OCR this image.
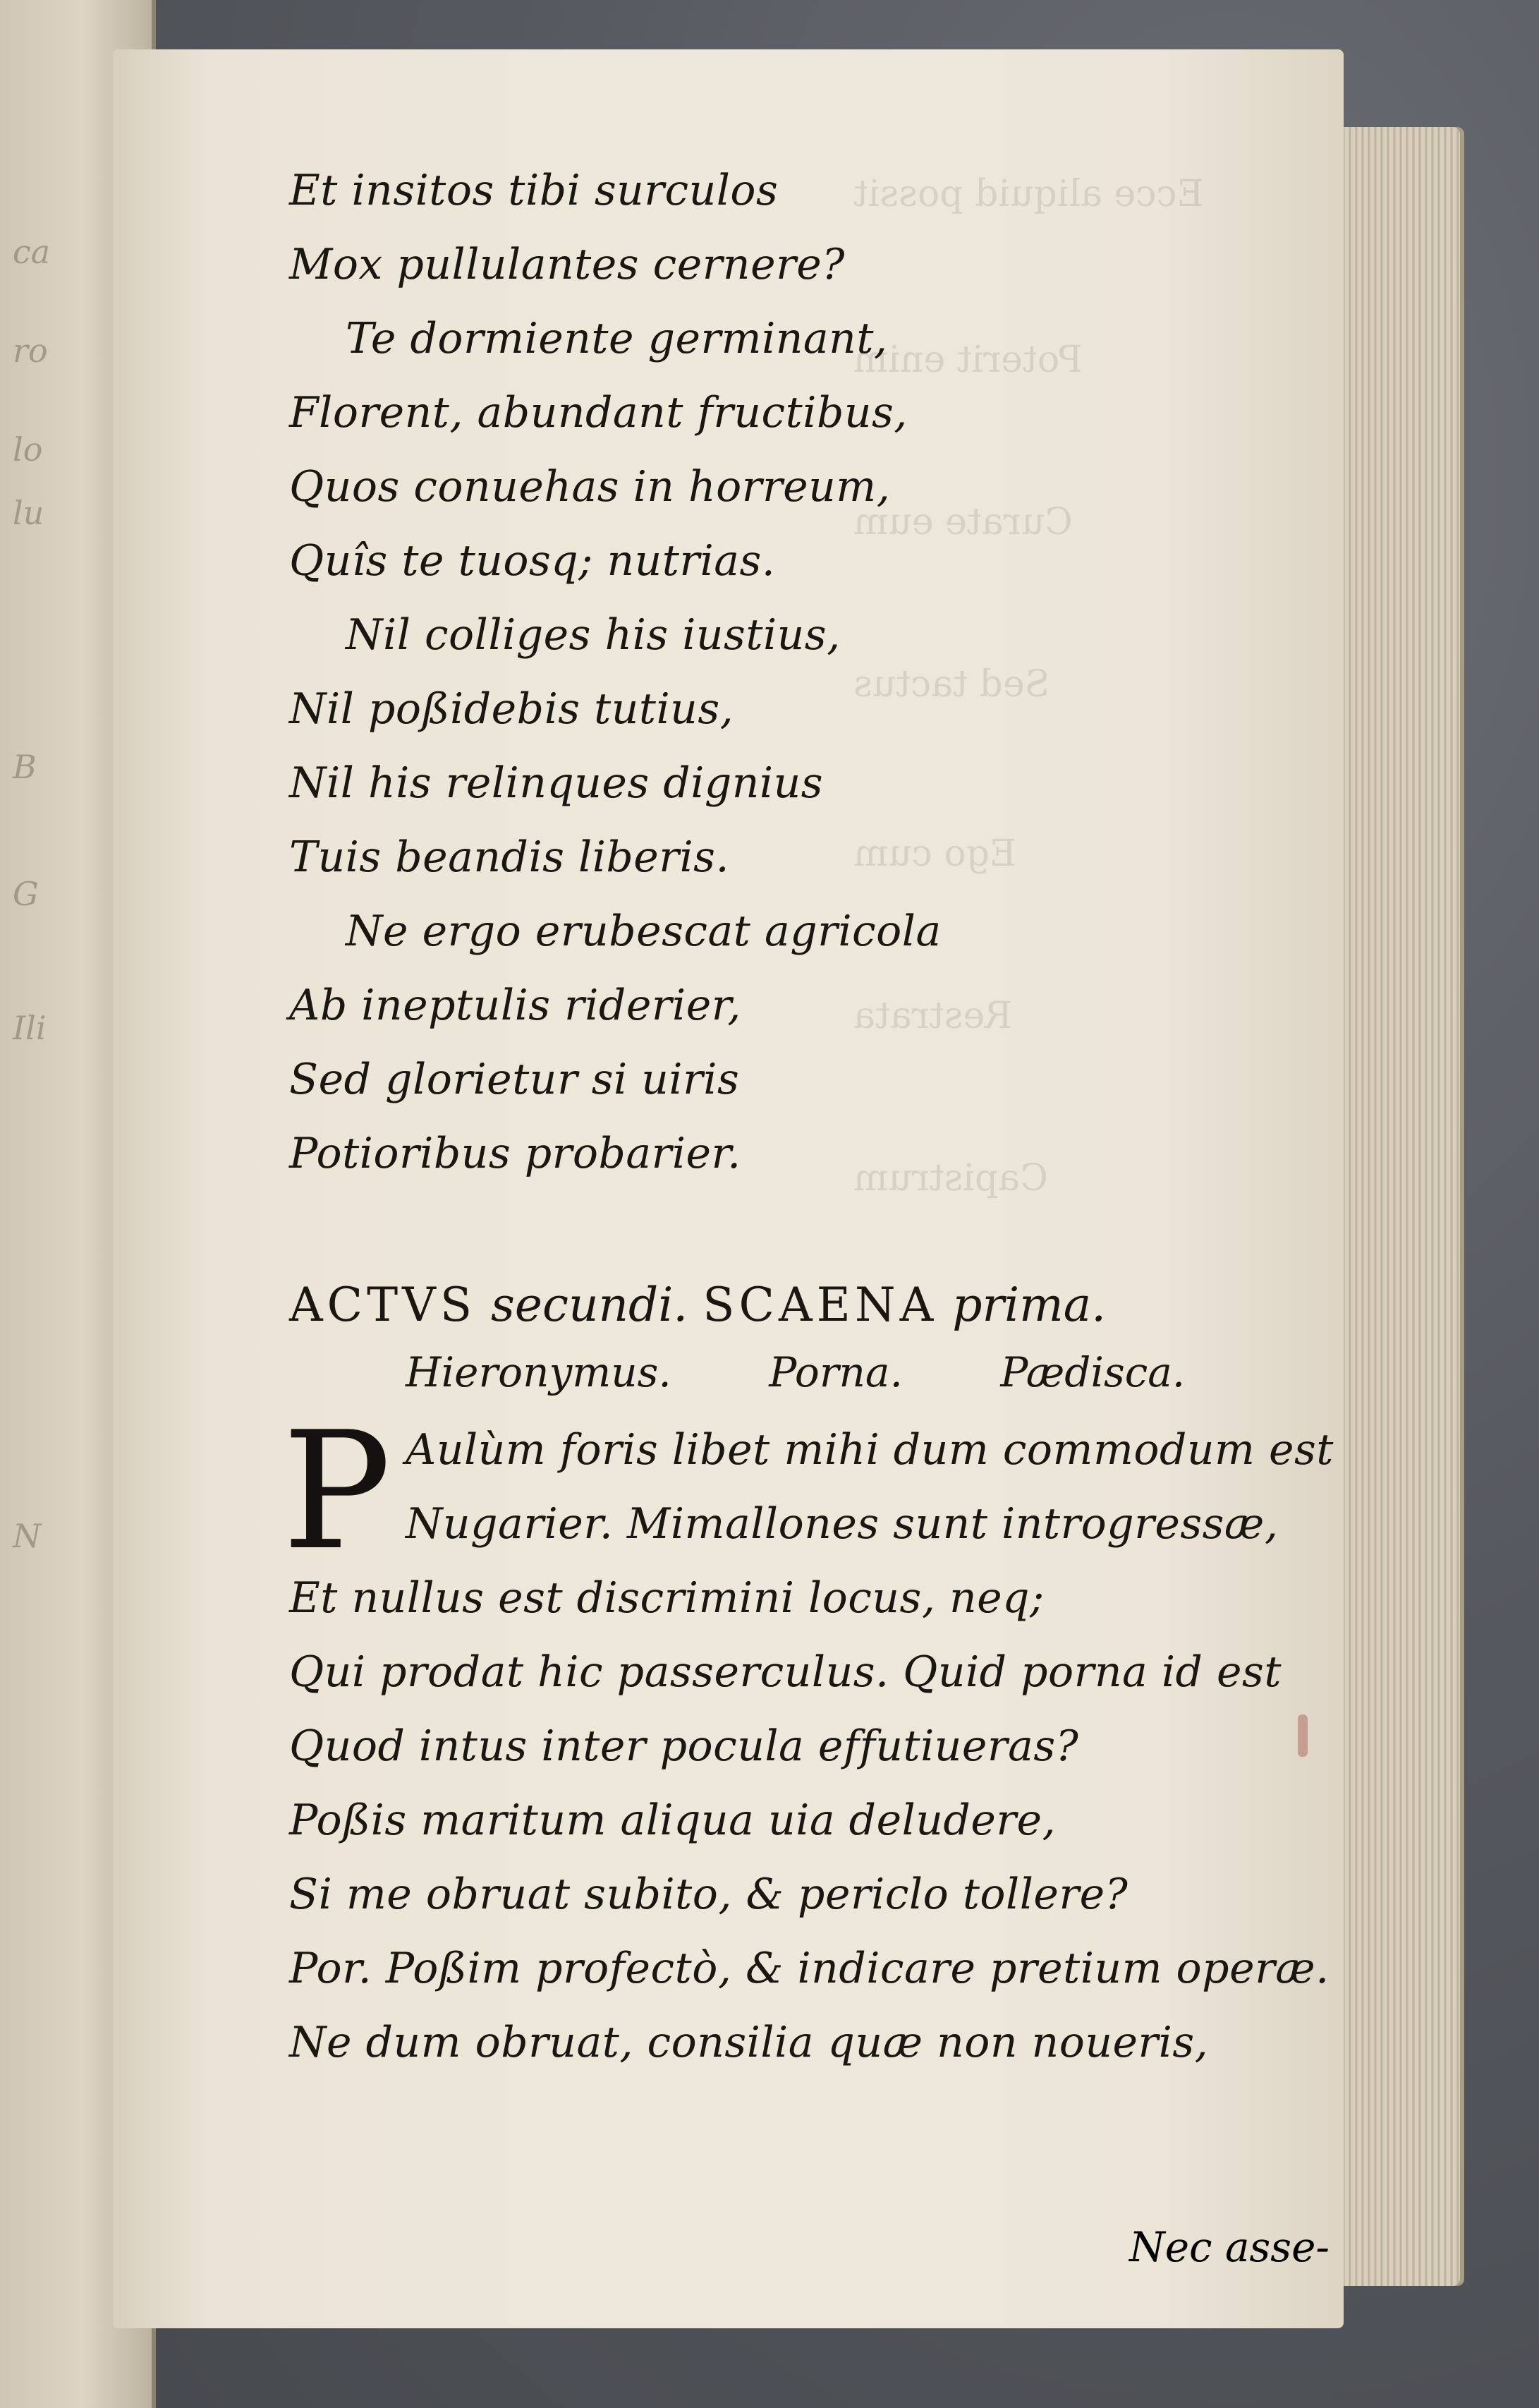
ca
ro
lo
lu
B
G
Ili
N
Ecce aliquid possit
Poterit enim
Curate eum
Sed tactus
Ego cum
Restrata
Capistrum
Et insitos tibi surculos
Mox pullulantes cernere?
Te dormiente germinant,
Florent, abundant fructibus,
Quos conuehas in horreum,
Quîs te tuosq; nutrias.
Nil colliges his iustius,
Nil poßidebis tutius,
Nil his relinques dignius
Tuis beandis liberis.
Ne ergo erubescat agricola
Ab ineptulis riderier,
Sed glorietur si uiris
Potioribus probarier.
ACTVS secundi. SCAENA prima.
Hieronymus. Porna. Pædisca.
P Aulùm foris libet mihi dum commodum est
Nugarier. Mimallones sunt introgressæ,
Et nullus est discrimini locus, neq;
Qui prodat hic passerculus. Quid porna id est
Quod intus inter pocula effutiueras?
Poßis maritum aliqua uia deludere,
Si me obruat subito, & periclo tollere?
Por. Poßim profectò, & indicare pretium operæ.
Ne dum obruat, consilia quæ non noueris,
Nec asse-
